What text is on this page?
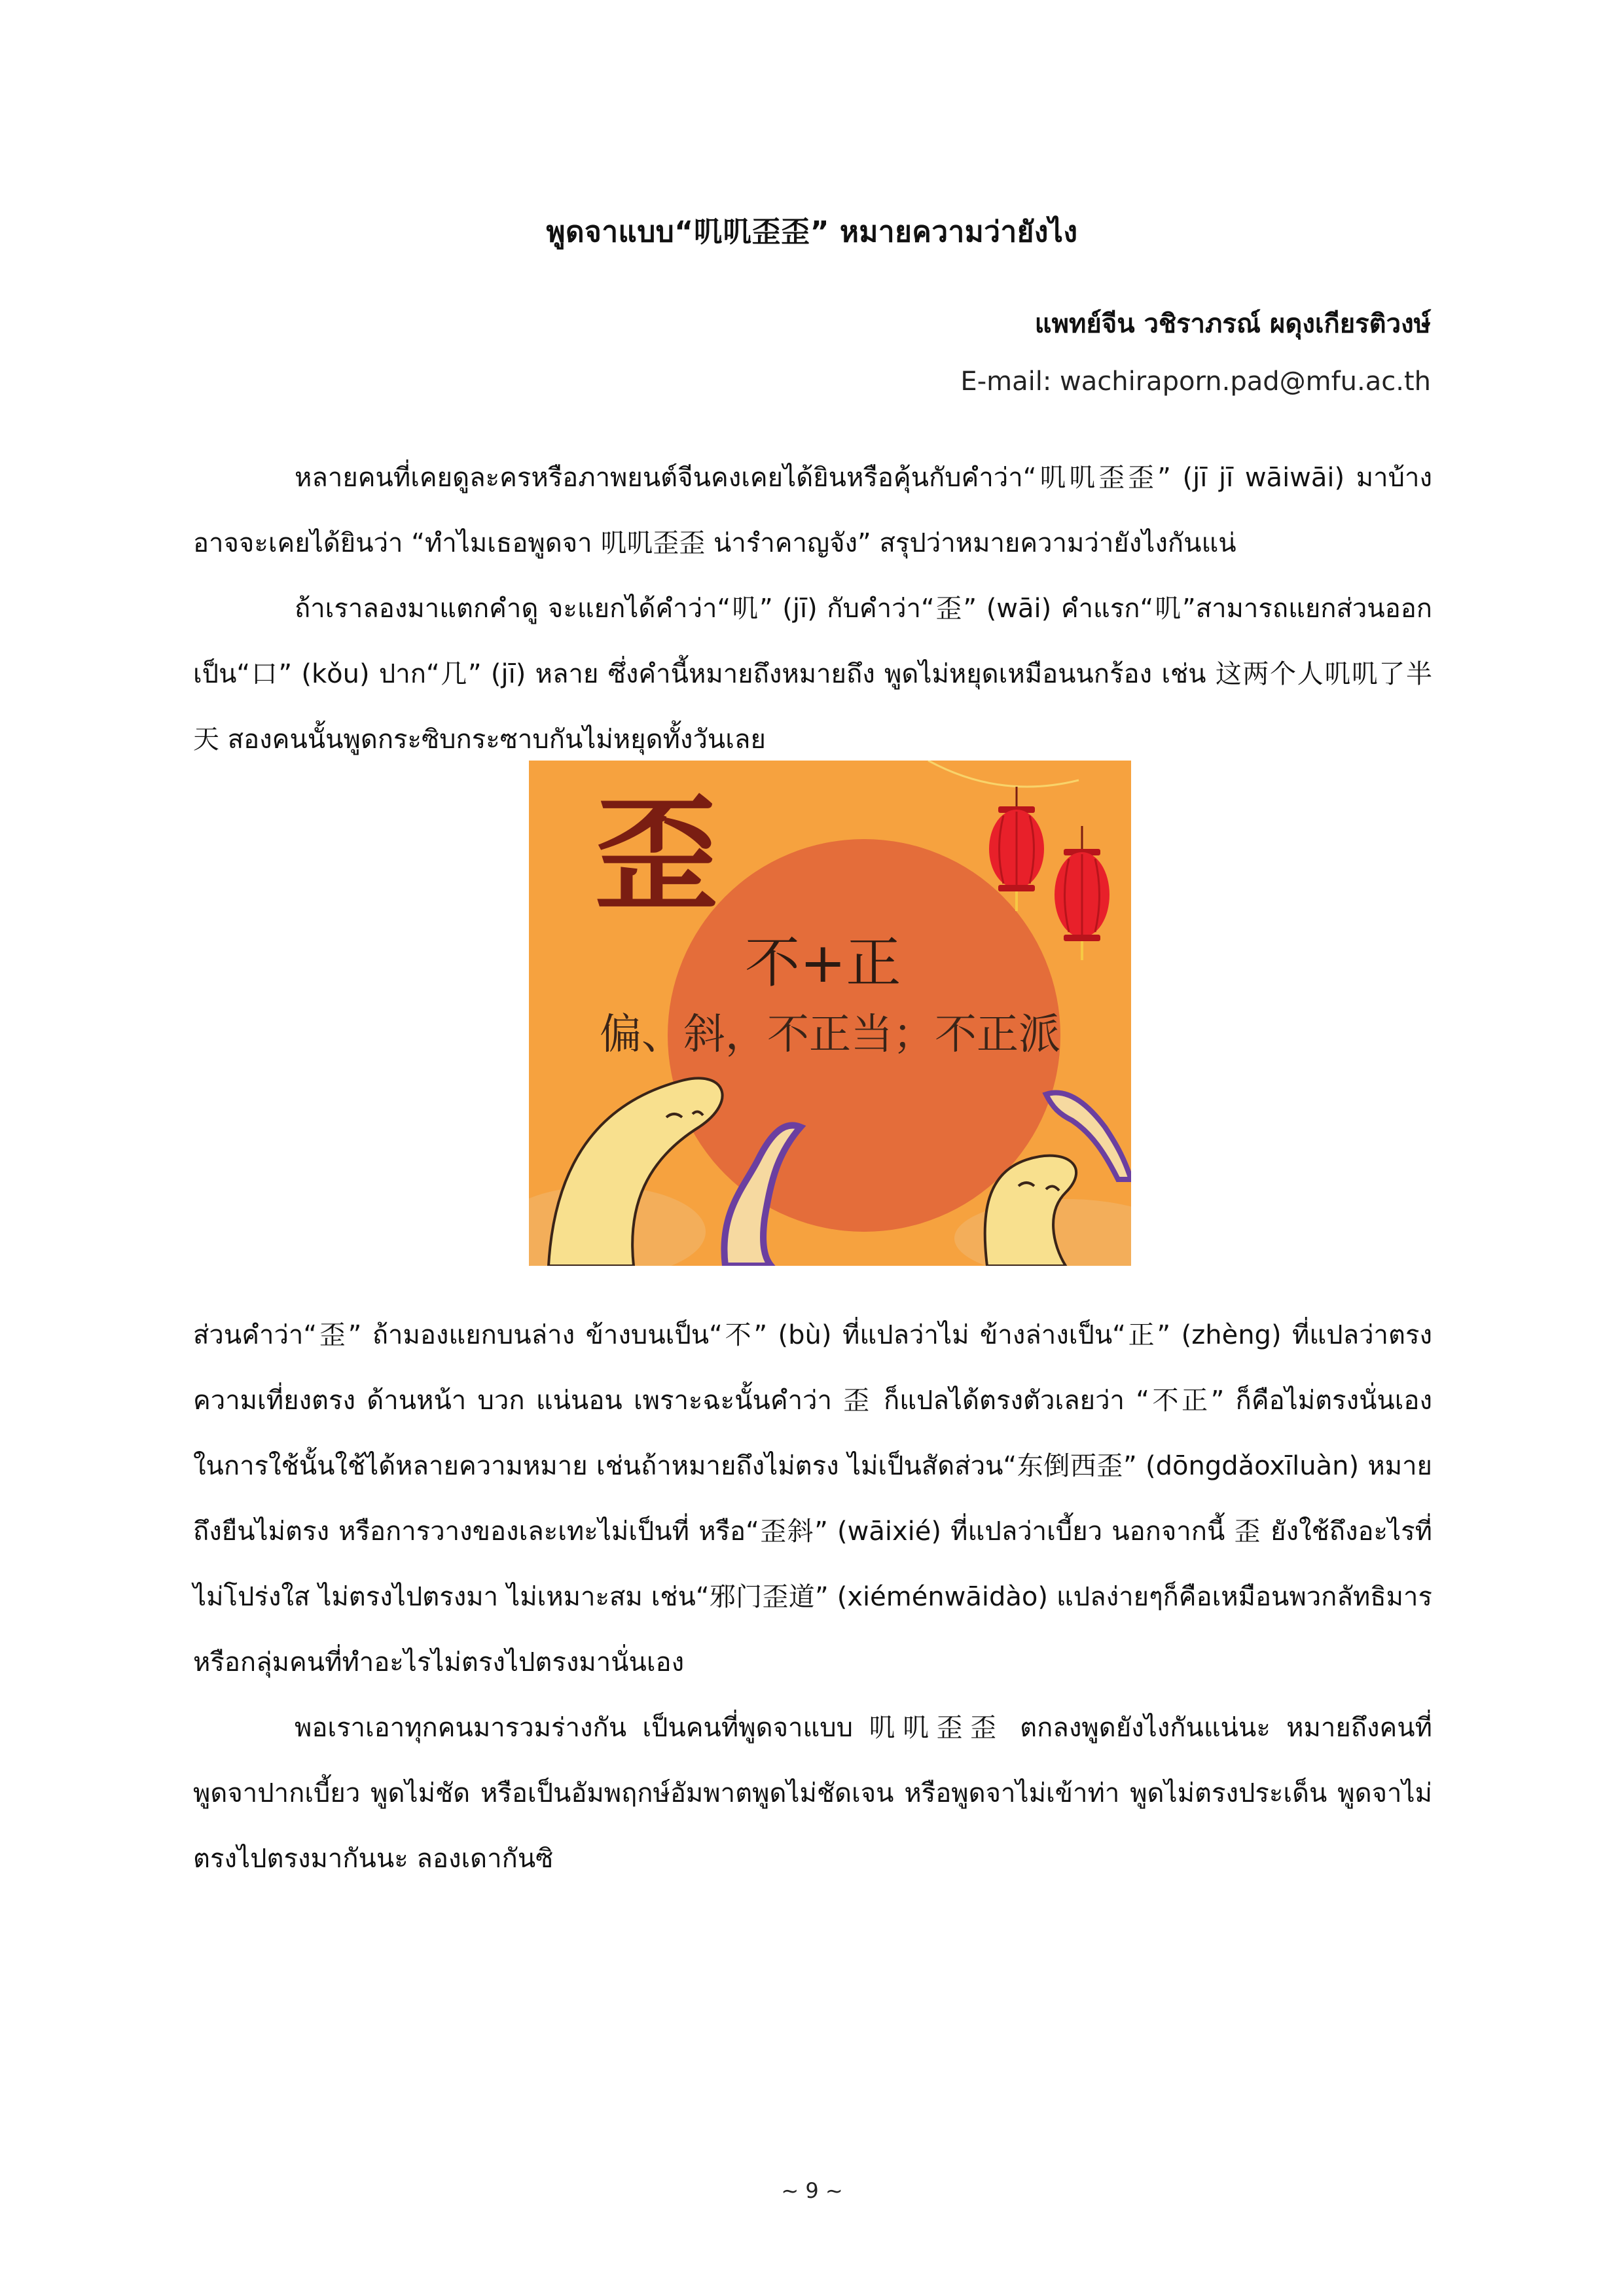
พูดจาแบบ“叽叽歪歪” หมายความว่ายังไง
แพทย์จีน วชิราภรณ์ ผดุงเกียรติวงษ์
E-mail: wachiraporn.pad@mfu.ac.th
หลายคนที่เคยดูละครหรือภาพยนต์จีนคงเคยได้ยินหรือคุ้นกับคำว่า“叽叽歪歪” (jī jī wāiwāi) มาบ้าง อาจจะเคยได้ยินว่า “ทำไมเธอพูดจา 叽叽歪歪 น่ารำคาญจัง” สรุปว่าหมายความว่ายังไงกันแน่
ถ้าเราลองมาแตกคำดู จะแยกได้คำว่า“叽” (jī) กับคำว่า“歪” (wāi) คำแรก“叽”สามารถแยกส่วนออก เป็น“口” (kǒu) ปาก“几” (jī) หลาย ซึ่งคำนี้หมายถึงหมายถึง พูดไม่หยุดเหมือนนกร้อง เช่น 这两个人叽叽了半天 สองคนนั้นพูดกระซิบกระซาบกันไม่หยุดทั้งวันเลย
歪
不+正
偏、斜，不正当；不正派
ส่วนคำว่า“歪” ถ้ามองแยกบนล่าง ข้างบนเป็น“不” (bù) ที่แปลว่าไม่ ข้างล่างเป็น“正” (zhèng) ที่แปลว่าตรง ความเที่ยงตรง ด้านหน้า บวก แน่นอน เพราะฉะนั้นคำว่า 歪 ก็แปลได้ตรงตัวเลยว่า “不正” ก็คือไม่ตรงนั่นเอง ในการใช้นั้นใช้ได้หลายความหมาย เช่นถ้าหมายถึงไม่ตรง ไม่เป็นสัดส่วน“东倒西歪” (dōngdǎoxīluàn) หมายถึงยืนไม่ตรง หรือการวางของเละเทะไม่เป็นที่ หรือ“歪斜” (wāixié) ที่แปลว่าเบี้ยว นอกจากนี้ 歪 ยังใช้ถึงอะไรที่ไม่โปร่งใส ไม่ตรงไปตรงมา ไม่เหมาะสม เช่น“邪门歪道” (xiéménwāidào) แปลง่ายๆก็คือเหมือนพวกลัทธิมารหรือกลุ่มคนที่ทำอะไรไม่ตรงไปตรงมานั่นเอง
พอเราเอาทุกคนมารวมร่างกัน เป็นคนที่พูดจาแบบ 叽叽歪歪 ตกลงพูดยังไงกันแน่นะ หมายถึงคนที่พูดจาปากเบี้ยว พูดไม่ชัด หรือเป็นอัมพฤกษ์อัมพาตพูดไม่ชัดเจน หรือพูดจาไม่เข้าท่า พูดไม่ตรงประเด็น พูดจาไม่ตรงไปตรงมากันนะ ลองเดากันซิ
~ 9 ~
